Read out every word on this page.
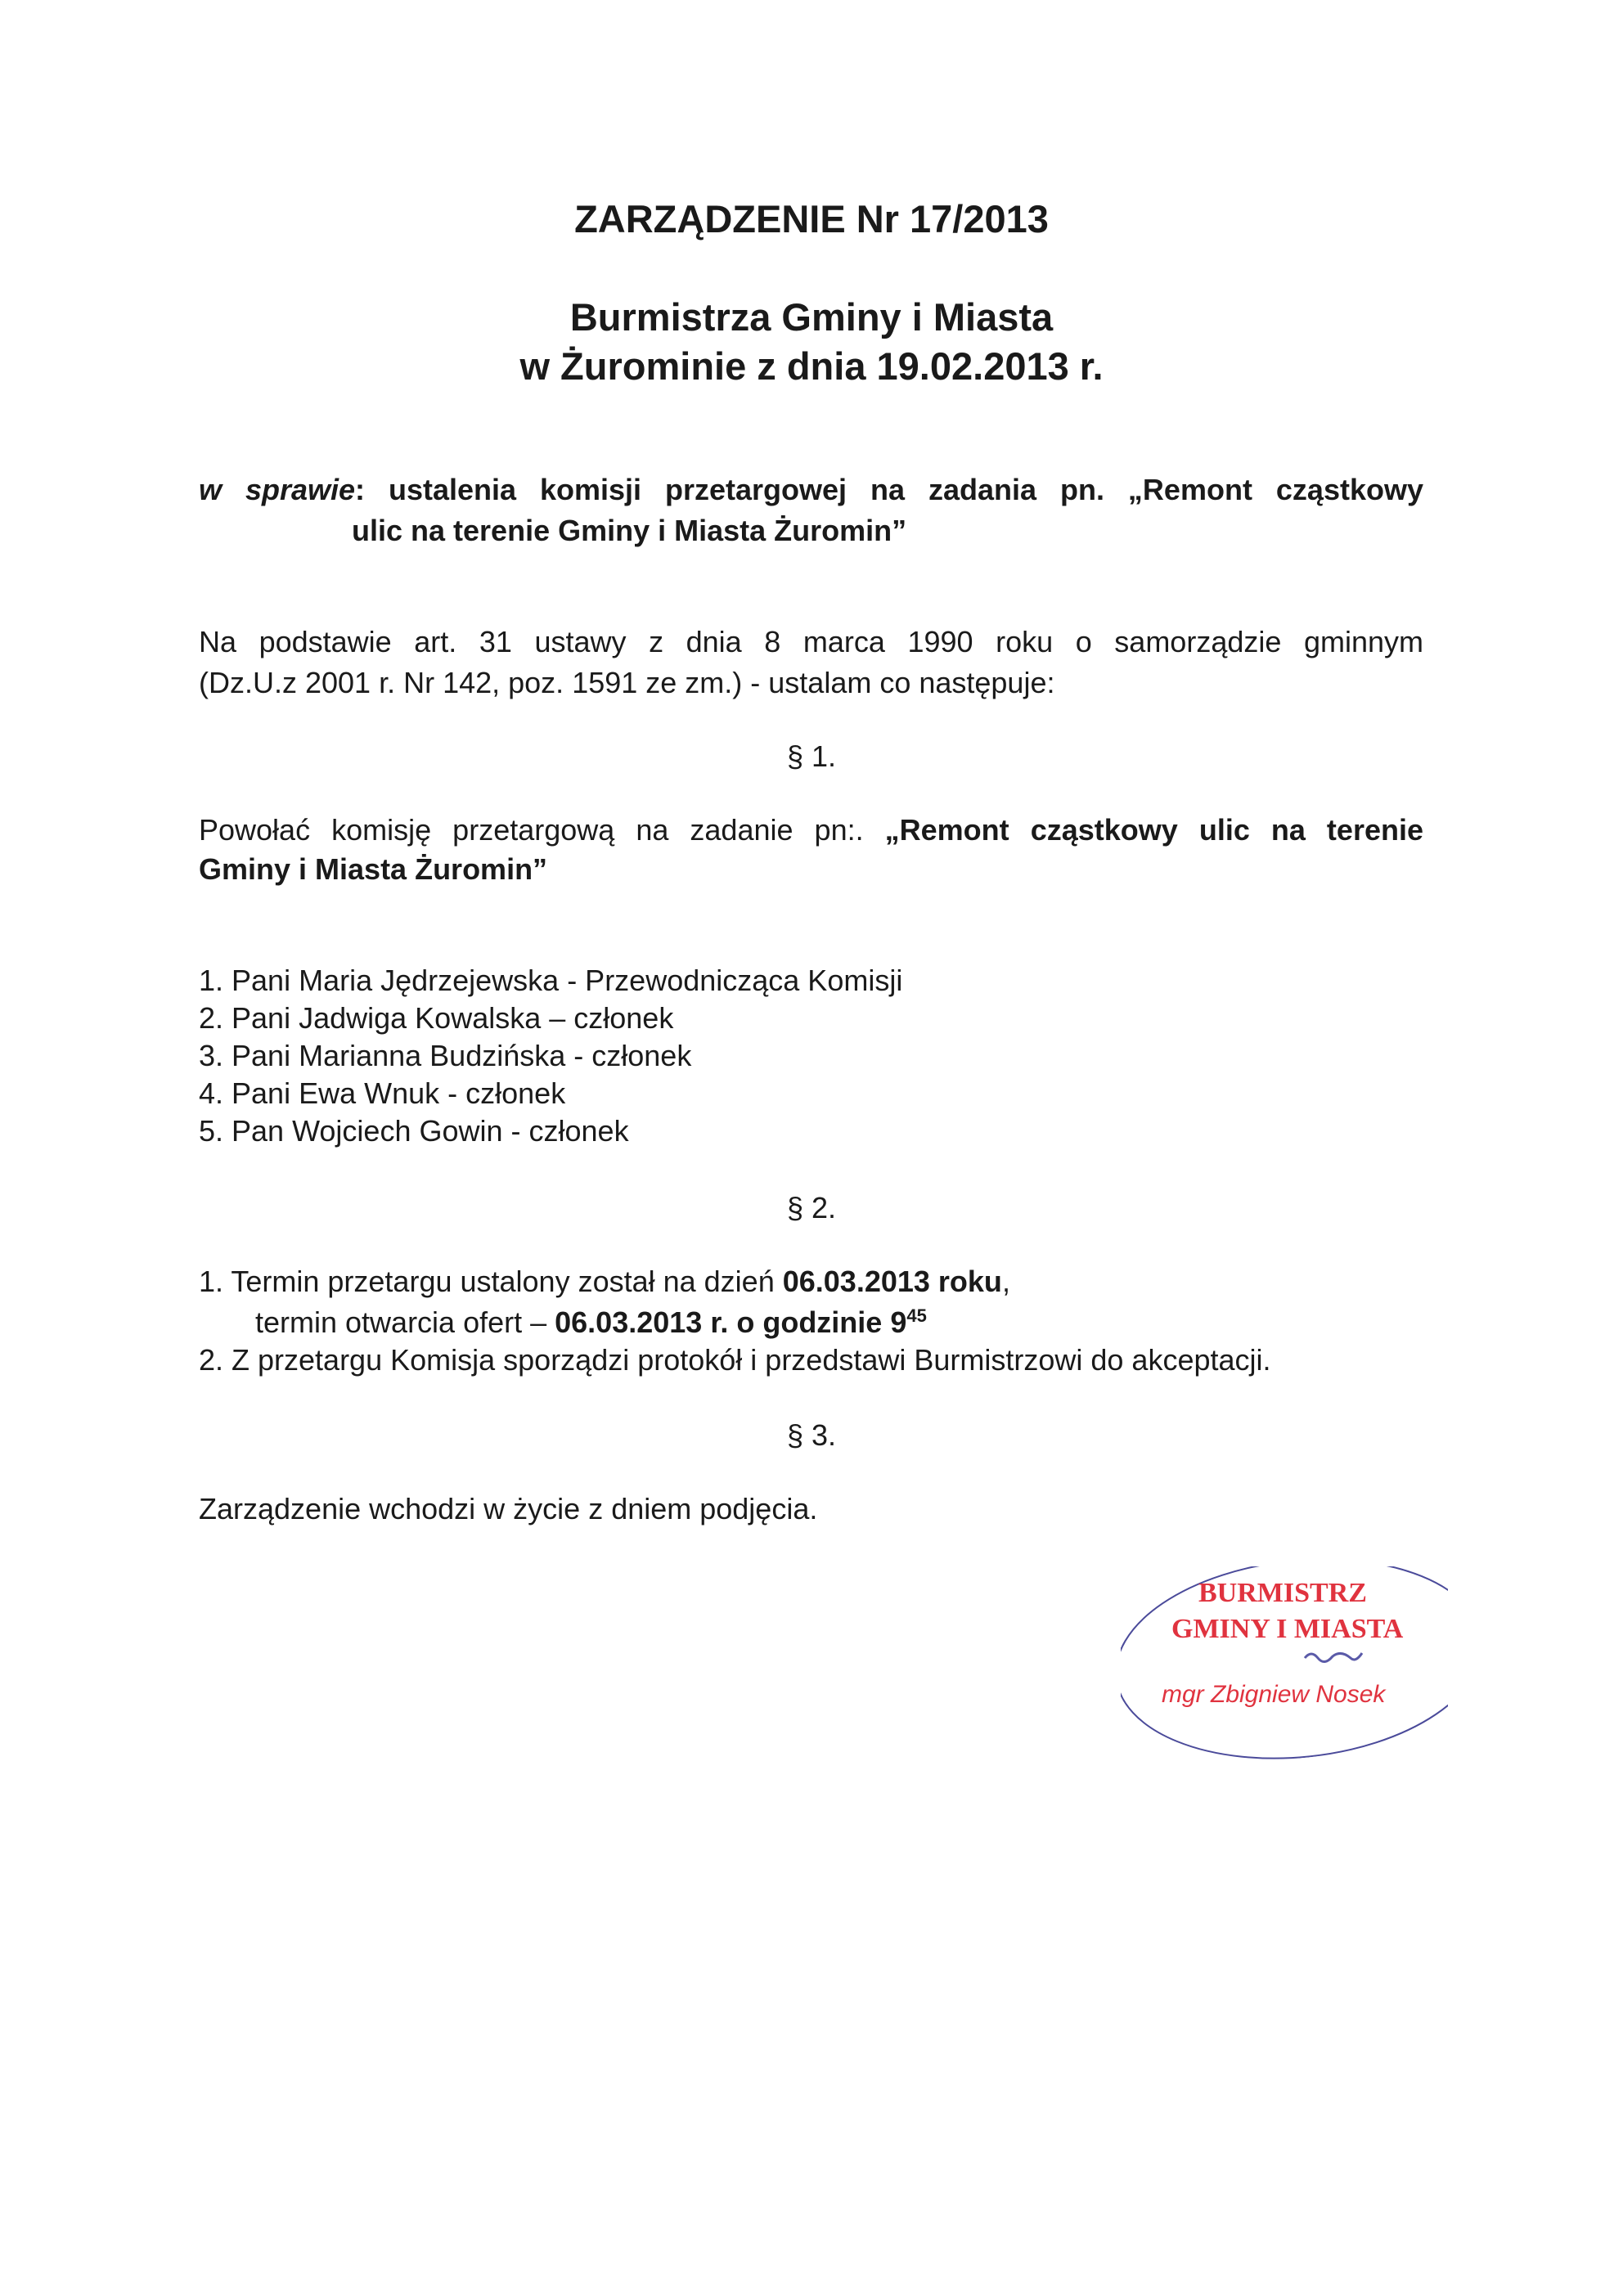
ZARZĄDZENIE Nr 17/2013
Burmistrza Gminy i Miasta
w Żurominie z dnia 19.02.2013 r.
w sprawie: ustalenia komisji przetargowej na zadania pn. „Remont cząstkowy
ulic na terenie Gminy i Miasta Żuromin”
Na podstawie art. 31 ustawy z dnia 8 marca 1990 roku o samorządzie gminnym
(Dz.U.z 2001 r. Nr 142, poz. 1591 ze zm.) - ustalam co następuje:
§ 1.
Powołać komisję przetargową na zadanie pn:. „Remont cząstkowy ulic na terenie
Gminy i Miasta Żuromin”
1. Pani Maria Jędrzejewska - Przewodnicząca Komisji
2. Pani Jadwiga Kowalska – członek
3. Pani Marianna Budzińska - członek
4. Pani Ewa Wnuk - członek
5. Pan Wojciech Gowin - członek
§ 2.
1. Termin przetargu ustalony został na dzień 06.03.2013 roku,
termin otwarcia ofert – 06.03.2013 r. o godzinie $9^{45}$
2. Z przetargu Komisja sporządzi protokół i przedstawi Burmistrzowi do akceptacji.
§ 3.
Zarządzenie wchodzi w życie z dniem podjęcia.
BURMISTRZ
GMINY I MIASTA
mgr Zbigniew Nosek
